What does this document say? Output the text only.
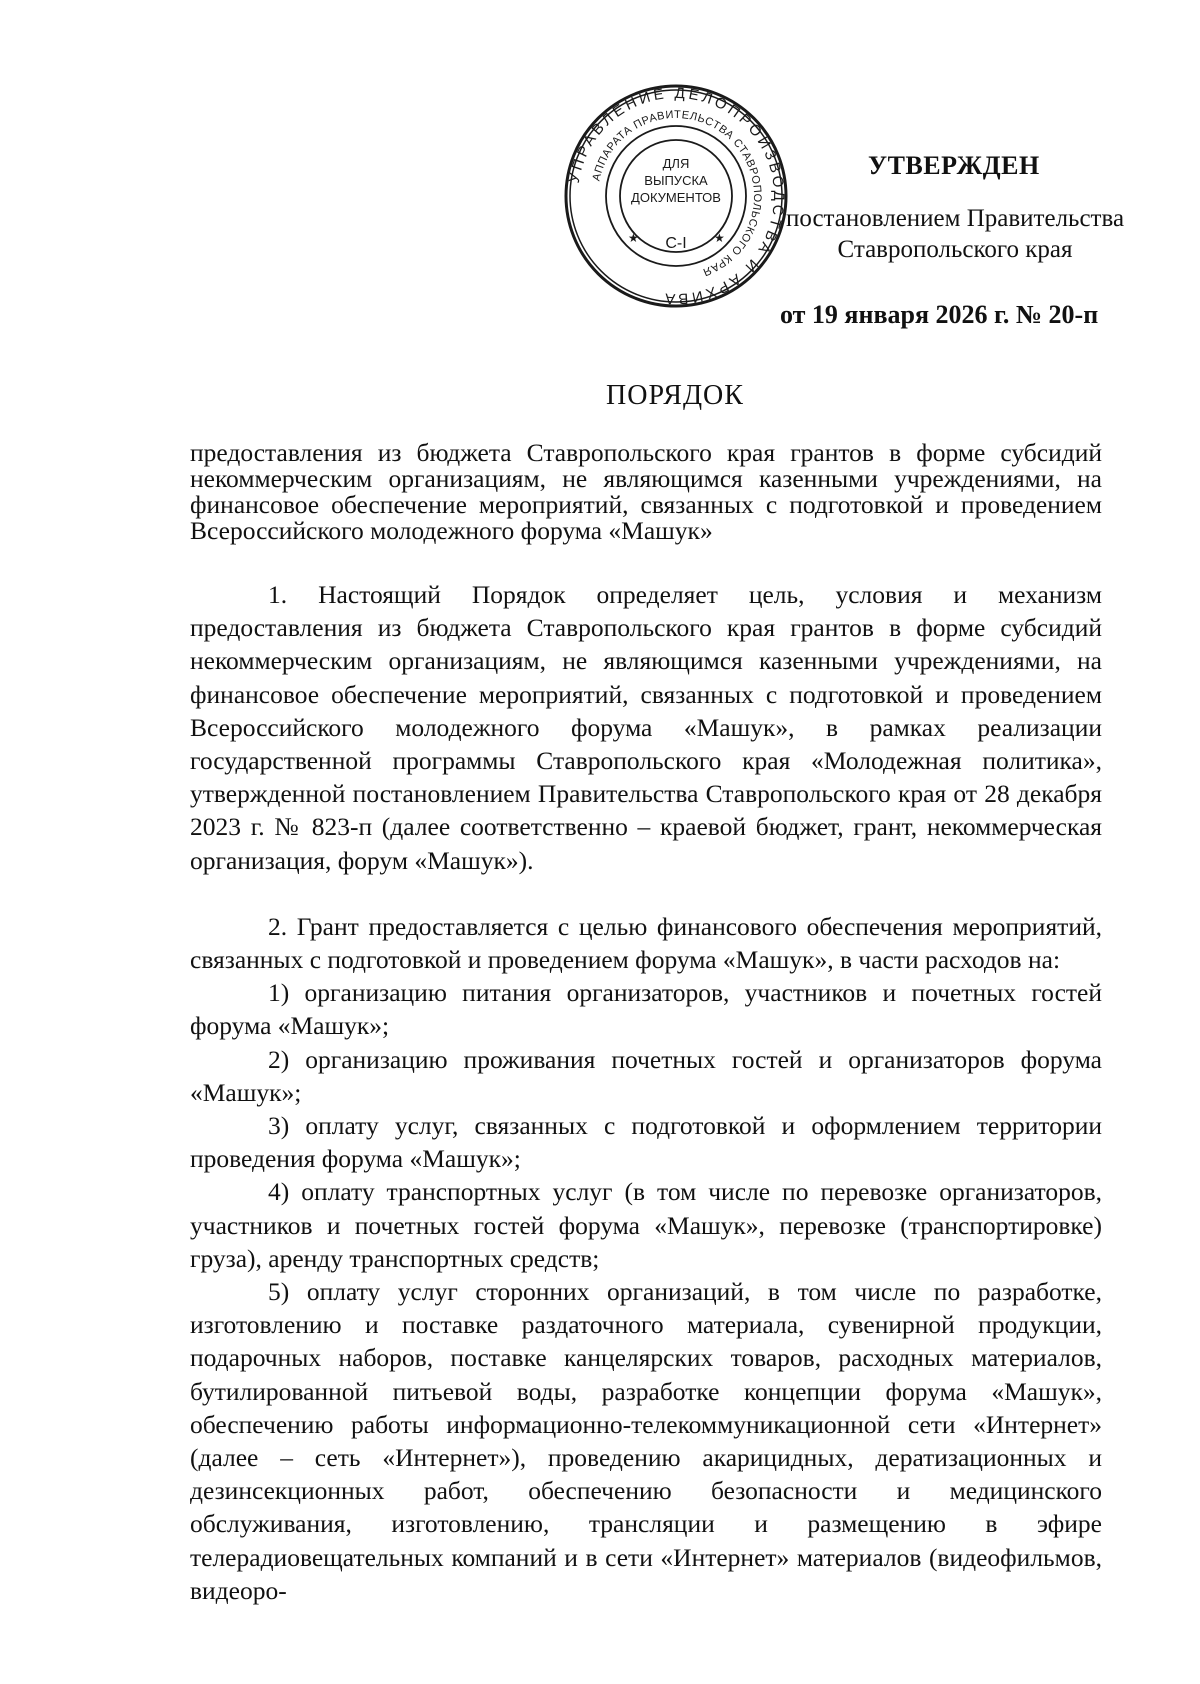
УПРАВЛЕНИЕ ДЕЛОПРОИЗВОДСТВА И АРХИВА
АППАРАТА ПРАВИТЕЛЬСТВА СТАВРОПОЛЬСКОГО КРАЯ
ДЛЯ
ВЫПУСКА
ДОКУМЕНТОВ
С-I
★	★
УТВЕРЖДЕН
постановлением Правительства
Ставропольского края
от 19 января 2026 г. № 20-п
ПОРЯДОК
предоставления из бюджета Ставропольского края грантов в форме субсидий некоммерческим организациям, не являющимся казенными учреждениями, на финансовое обеспечение мероприятий, связанных с подготовкой и проведением Всероссийского молодежного форума «Машук»

1. Настоящий Порядок определяет цель, условия и механизм предоставления из бюджета Ставропольского края грантов в форме субсидий некоммерческим организациям, не являющимся казенными учреждениями, на финансовое обеспечение мероприятий, связанных с подготовкой и проведением Всероссийского молодежного форума «Машук», в рамках реализации государственной программы Ставропольского края «Молодежная политика», утвержденной постановлением Правительства Ставропольского края от 28 декабря 2023 г. № 823-п (далее соответственно – краевой бюджет, грант, некоммерческая организация, форум «Машук»).

2. Грант предоставляется с целью финансового обеспечения мероприятий, связанных с подготовкой и проведением форума «Машук», в части расходов на:

1) организацию питания организаторов, участников и почетных гостей форума «Машук»;

2) организацию проживания почетных гостей и организаторов форума «Машук»;

3) оплату услуг, связанных с подготовкой и оформлением территории проведения форума «Машук»;

4) оплату транспортных услуг (в том числе по перевозке организаторов, участников и почетных гостей форума «Машук», перевозке (транспортировке) груза), аренду транспортных средств;

5) оплату услуг сторонних организаций, в том числе по разработке, изготовлению и поставке раздаточного материала, сувенирной продукции, подарочных наборов, поставке канцелярских товаров, расходных материалов, бутилированной питьевой воды, разработке концепции форума «Машук», обеспечению работы информационно-телекоммуникационной сети «Интернет» (далее – сеть «Интернет»), проведению акарицидных, дератизационных и дезинсекционных работ, обеспечению безопасности и медицинского обслуживания, изготовлению, трансляции и размещению в эфире телерадиовещательных компаний и в сети «Интернет» материалов (видеофильмов, видеоро-
